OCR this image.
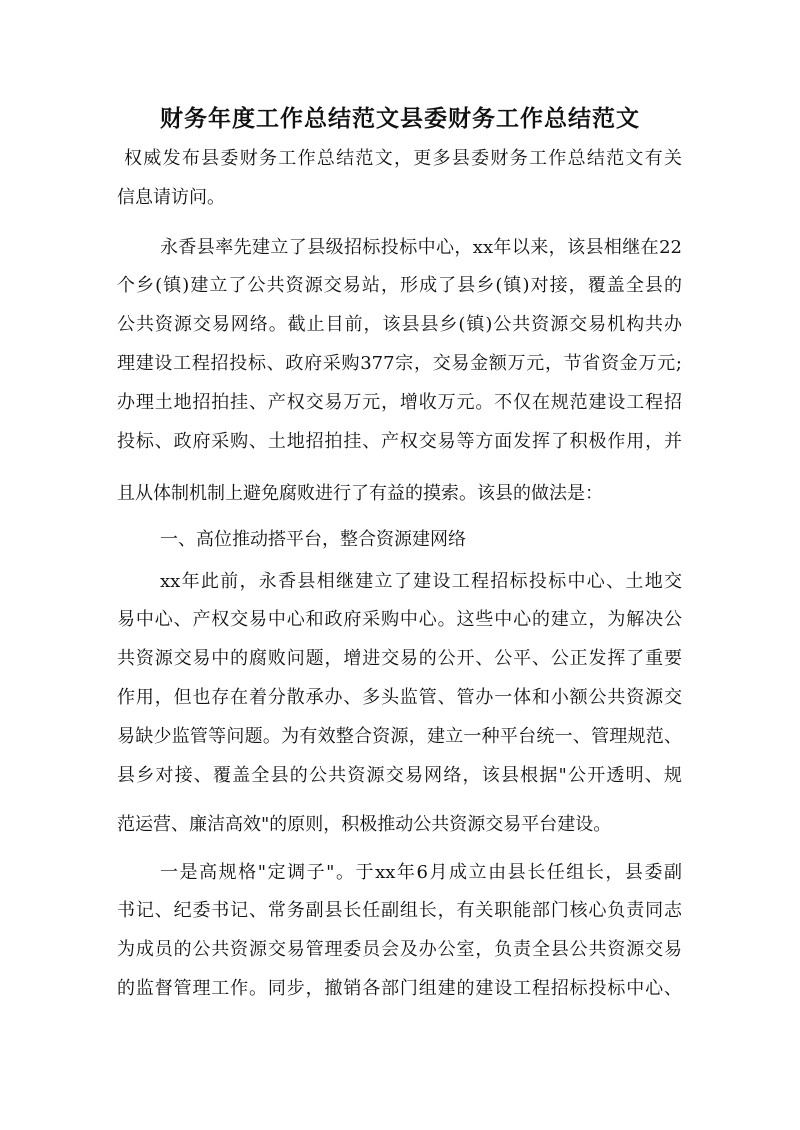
财务年度工作总结范文县委财务工作总结范文
权威发布县委财务工作总结范文，更多县委财务工作总结范文有关
信息请访问。
永香县率先建立了县级招标投标中心，xx年以来，该县相继在22
个乡(镇)建立了公共资源交易站，形成了县乡(镇)对接，覆盖全县的
公共资源交易网络。截止目前，该县县乡(镇)公共资源交易机构共办
理建设工程招投标、政府采购377宗，交易金额万元，节省资金万元;
办理土地招拍挂、产权交易万元，增收万元。不仅在规范建设工程招
投标、政府采购、土地招拍挂、产权交易等方面发挥了积极作用，并
且从体制机制上避免腐败进行了有益的摸索。该县的做法是：
一、高位推动搭平台，整合资源建网络
xx年此前，永香县相继建立了建设工程招标投标中心、土地交
易中心、产权交易中心和政府采购中心。这些中心的建立，为解决公
共资源交易中的腐败问题，增进交易的公开、公平、公正发挥了重要
作用，但也存在着分散承办、多头监管、管办一体和小额公共资源交
易缺少监管等问题。为有效整合资源，建立一种平台统一、管理规范、
县乡对接、覆盖全县的公共资源交易网络，该县根据"公开透明、规
范运营、廉洁高效"的原则，积极推动公共资源交易平台建设。
一是高规格"定调子"。于xx年6月成立由县长任组长，县委副
书记、纪委书记、常务副县长任副组长，有关职能部门核心负责同志
为成员的公共资源交易管理委员会及办公室，负责全县公共资源交易
的监督管理工作。同步，撤销各部门组建的建设工程招标投标中心、
